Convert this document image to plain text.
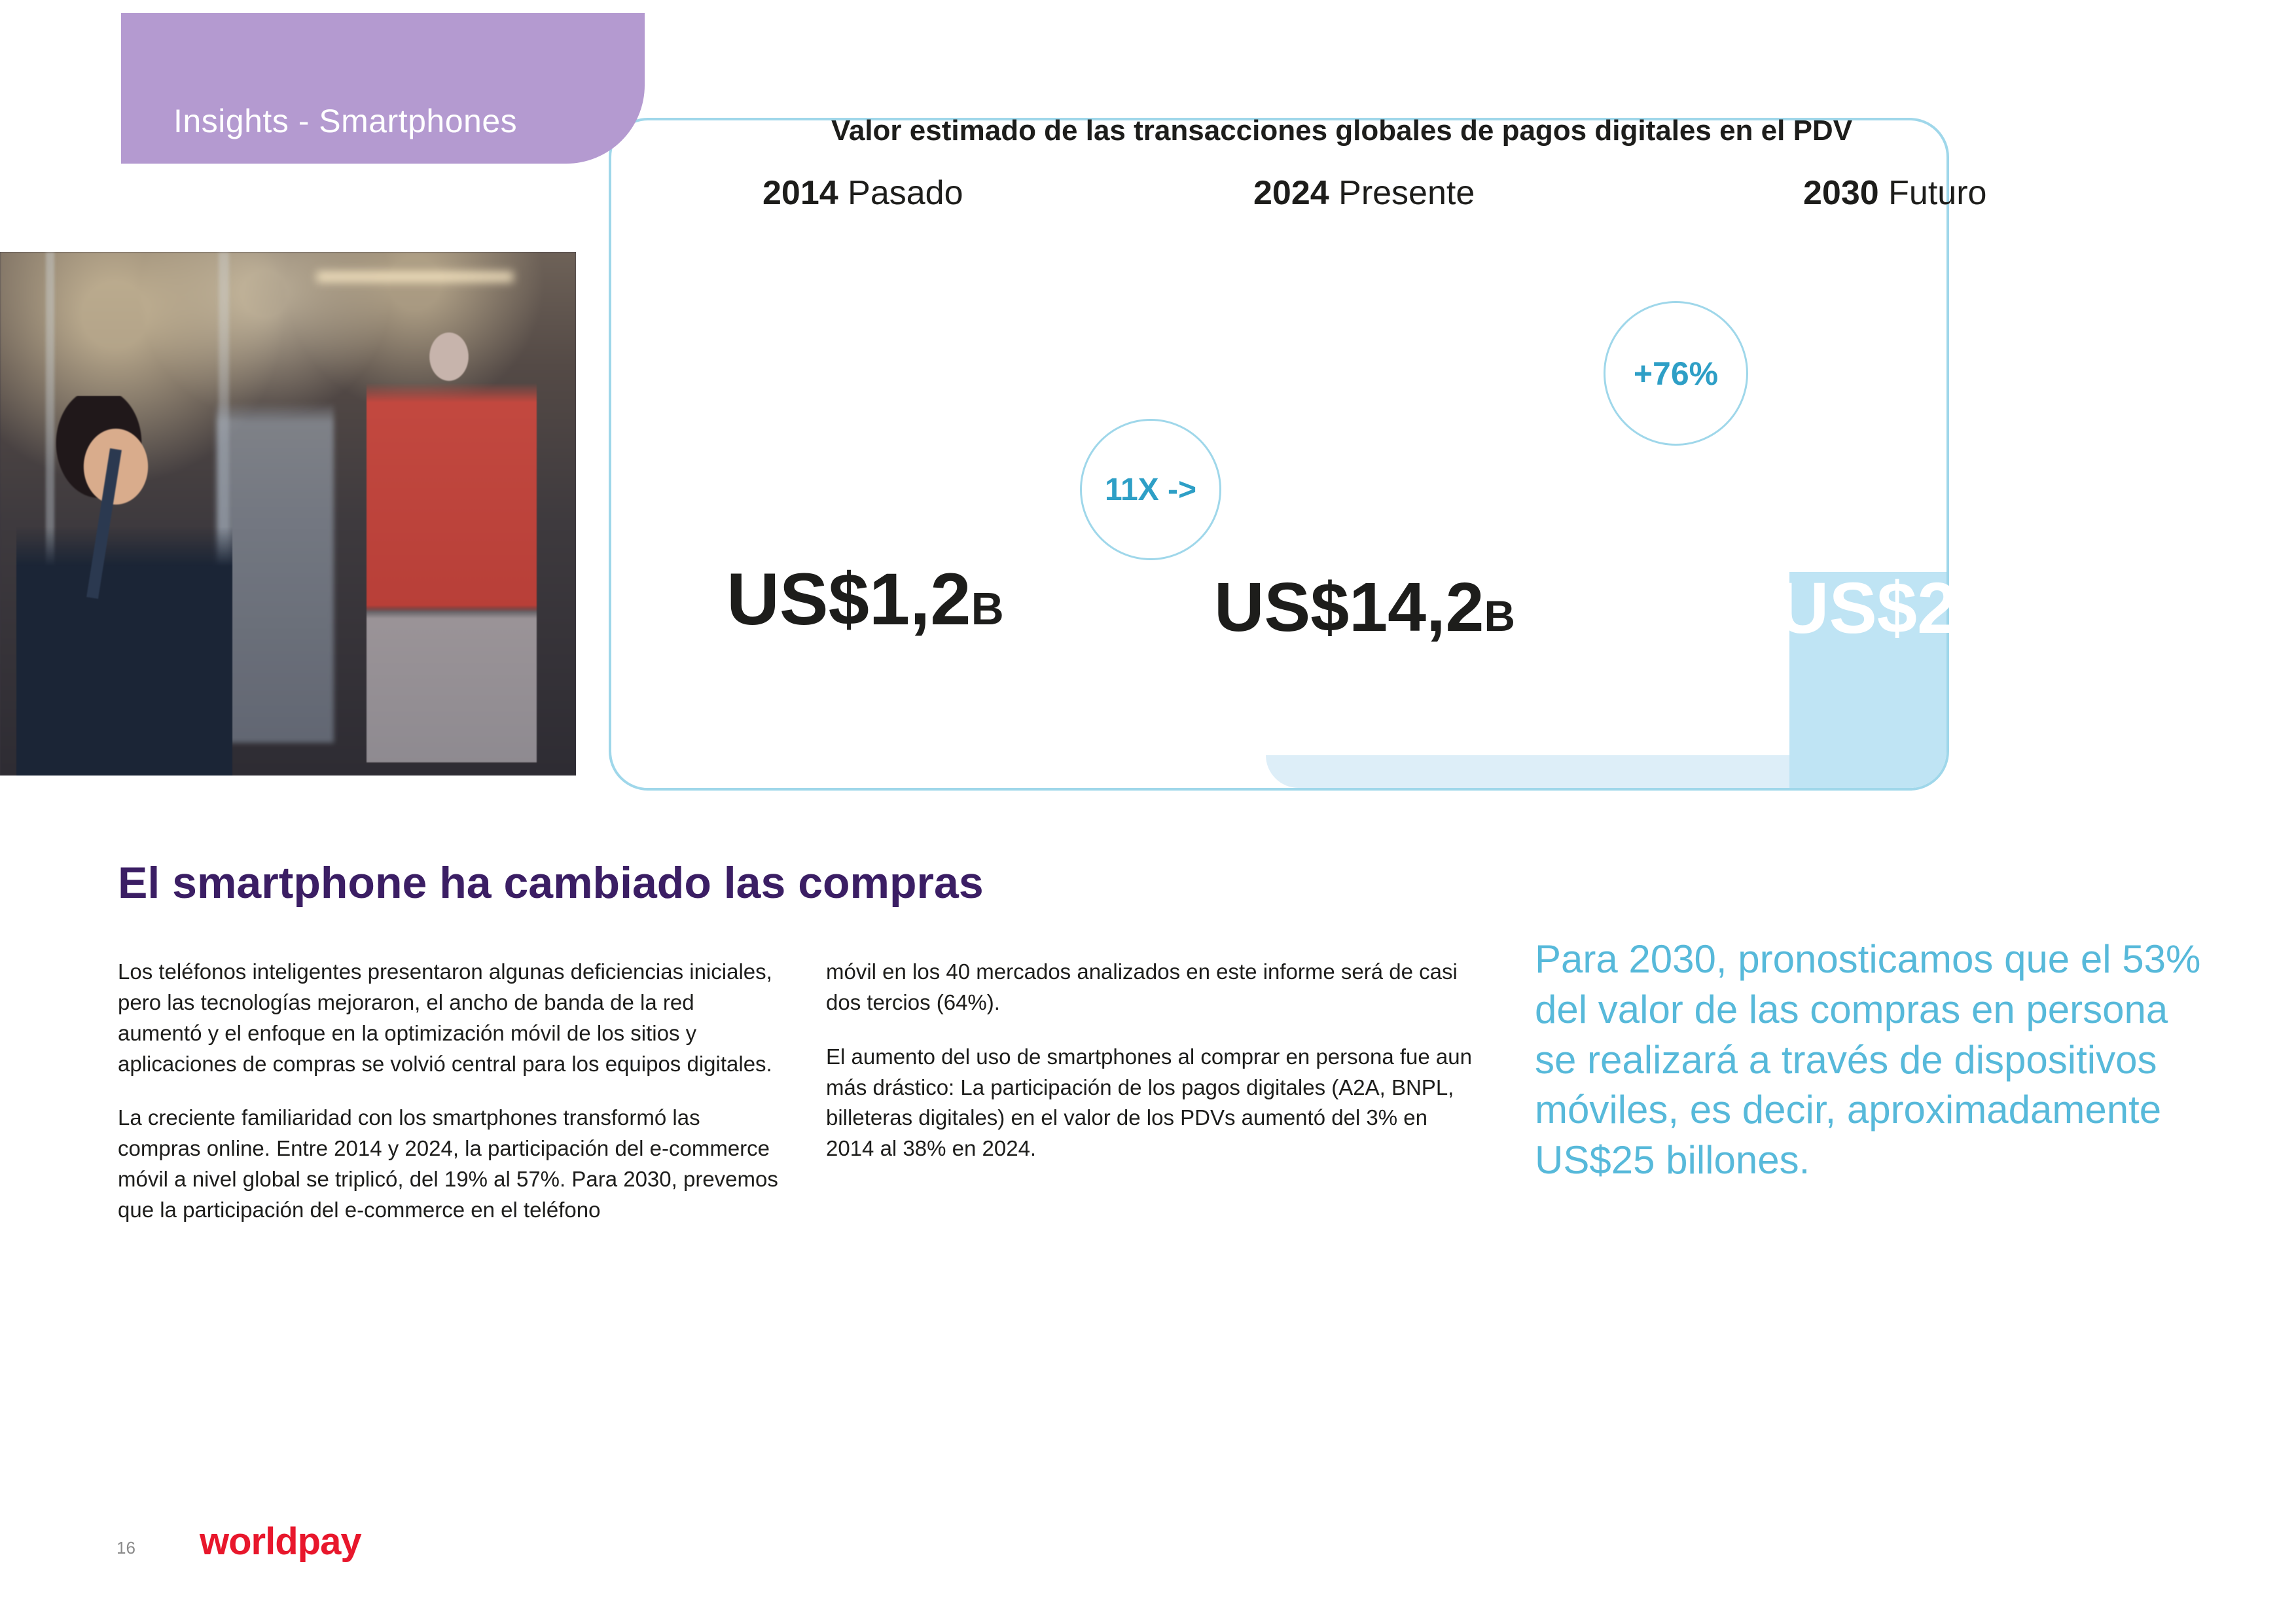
Insights - Smartphones	Valor estimado de las transacciones globales de pagos digitales en el PDV
2014 Pasado	2024 Presente	2030 Futuro
US$1,2B	US$14,2B	US$25B
11X ->
+76%
El smartphone ha cambiado las compras

Los teléfonos inteligentes presentaron algunas deficiencias iniciales, pero las tecnologías mejoraron, el ancho de banda de la red aumentó y el enfoque en la optimización móvil de los sitios y aplicaciones de compras se volvió central para los equipos digitales.

La creciente familiaridad con los smartphones transformó las compras online. Entre 2014 y 2024, la participación del e-commerce móvil a nivel global se triplicó, del 19% al 57%. Para 2030, prevemos que la participación del e-commerce en el teléfono

móvil en los 40 mercados analizados en este informe será de casi dos tercios (64%).

El aumento del uso de smartphones al comprar en persona fue aun más drástico: La participación de los pagos digitales (A2A, BNPL, billeteras digitales) en el valor de los PDVs aumentó del 3% en 2014 al 38% en 2024.

Para 2030, pronosticamos que el 53% del valor de las compras en persona se realizará a través de dispositivos móviles, es decir, aproximadamente US$25 billones.
16 worldpay
